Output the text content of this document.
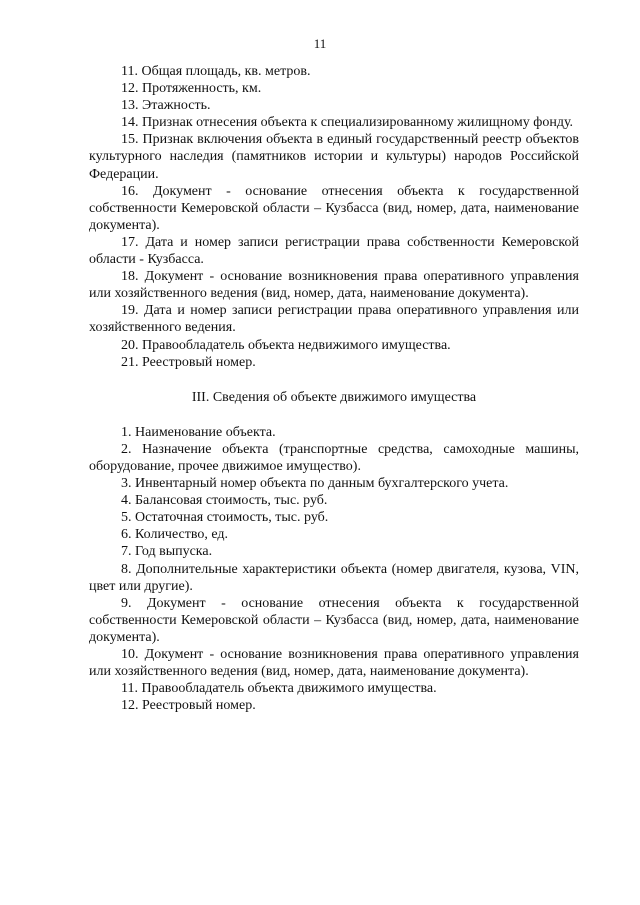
11

11. Общая площадь, кв. метров.

12. Протяженность, км.

13. Этажность.

14. Признак отнесения объекта к специализированному жилищному фонду.

15. Признак включения объекта в единый государственный реестр объектов культурного наследия (памятников истории и культуры) народов Российской Федерации.

16. Документ - основание отнесения объекта к государственной собственности Кемеровской области – Кузбасса (вид, номер, дата, наименование документа).

17. Дата и номер записи регистрации права собственности Кемеровской области - Кузбасса.

18. Документ - основание возникновения права оперативного управления или хозяйственного ведения (вид, номер, дата, наименование документа).

19. Дата и номер записи регистрации права оперативного управления или хозяйственного ведения.

20. Правообладатель объекта недвижимого имущества.

21. Реестровый номер.

III. Сведения об объекте движимого имущества

1. Наименование объекта.

2. Назначение объекта (транспортные средства, самоходные машины, оборудование, прочее движимое имущество).

3. Инвентарный номер объекта по данным бухгалтерского учета.

4. Балансовая стоимость, тыс. руб.

5. Остаточная стоимость, тыс. руб.

6. Количество, ед.

7. Год выпуска.

8. Дополнительные характеристики объекта (номер двигателя, кузова, VIN, цвет или другие).

9. Документ - основание отнесения объекта к государственной собственности Кемеровской области – Кузбасса (вид, номер, дата, наименование документа).

10. Документ - основание возникновения права оперативного управления или хозяйственного ведения (вид, номер, дата, наименование документа).

11. Правообладатель объекта движимого имущества.

12. Реестровый номер.
